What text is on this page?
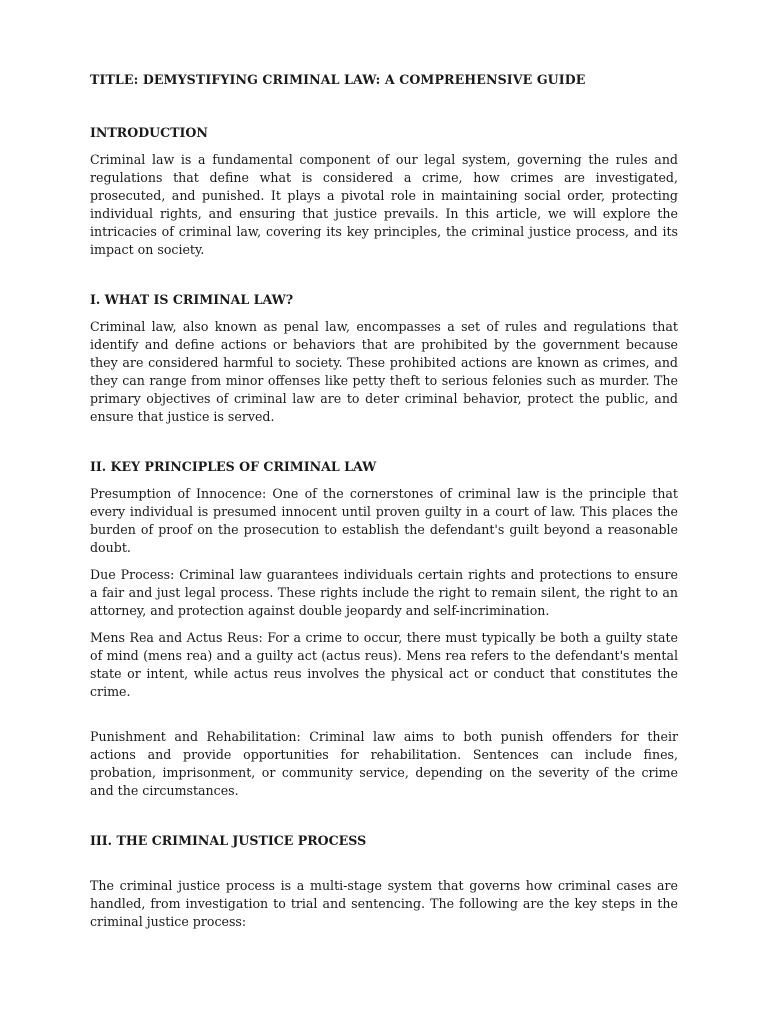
TITLE: DEMYSTIFYING CRIMINAL LAW: A COMPREHENSIVE GUIDE
INTRODUCTION

Criminal law is a fundamental component of our legal system, governing the rules and regulations that define what is considered a crime, how crimes are investigated, prosecuted, and punished. It plays a pivotal role in maintaining social order, protecting individual rights, and ensuring that justice prevails. In this article, we will explore the intricacies of criminal law, covering its key principles, the criminal justice process, and its impact on society.

I. WHAT IS CRIMINAL LAW?

Criminal law, also known as penal law, encompasses a set of rules and regulations that identify and define actions or behaviors that are prohibited by the government because they are considered harmful to society. These prohibited actions are known as crimes, and they can range from minor offenses like petty theft to serious felonies such as murder. The primary objectives of criminal law are to deter criminal behavior, protect the public, and ensure that justice is served.

II. KEY PRINCIPLES OF CRIMINAL LAW

Presumption of Innocence: One of the cornerstones of criminal law is the principle that every individual is presumed innocent until proven guilty in a court of law. This places the burden of proof on the prosecution to establish the defendant's guilt beyond a reasonable doubt.

Due Process: Criminal law guarantees individuals certain rights and protections to ensure a fair and just legal process. These rights include the right to remain silent, the right to an attorney, and protection against double jeopardy and self-incrimination.

Mens Rea and Actus Reus: For a crime to occur, there must typically be both a guilty state of mind (mens rea) and a guilty act (actus reus). Mens rea refers to the defendant's mental state or intent, while actus reus involves the physical act or conduct that constitutes the crime.

Punishment and Rehabilitation: Criminal law aims to both punish offenders for their actions and provide opportunities for rehabilitation. Sentences can include fines, probation, imprisonment, or community service, depending on the severity of the crime and the circumstances.

III. THE CRIMINAL JUSTICE PROCESS

The criminal justice process is a multi-stage system that governs how criminal cases are handled, from investigation to trial and sentencing. The following are the key steps in the criminal justice process:
